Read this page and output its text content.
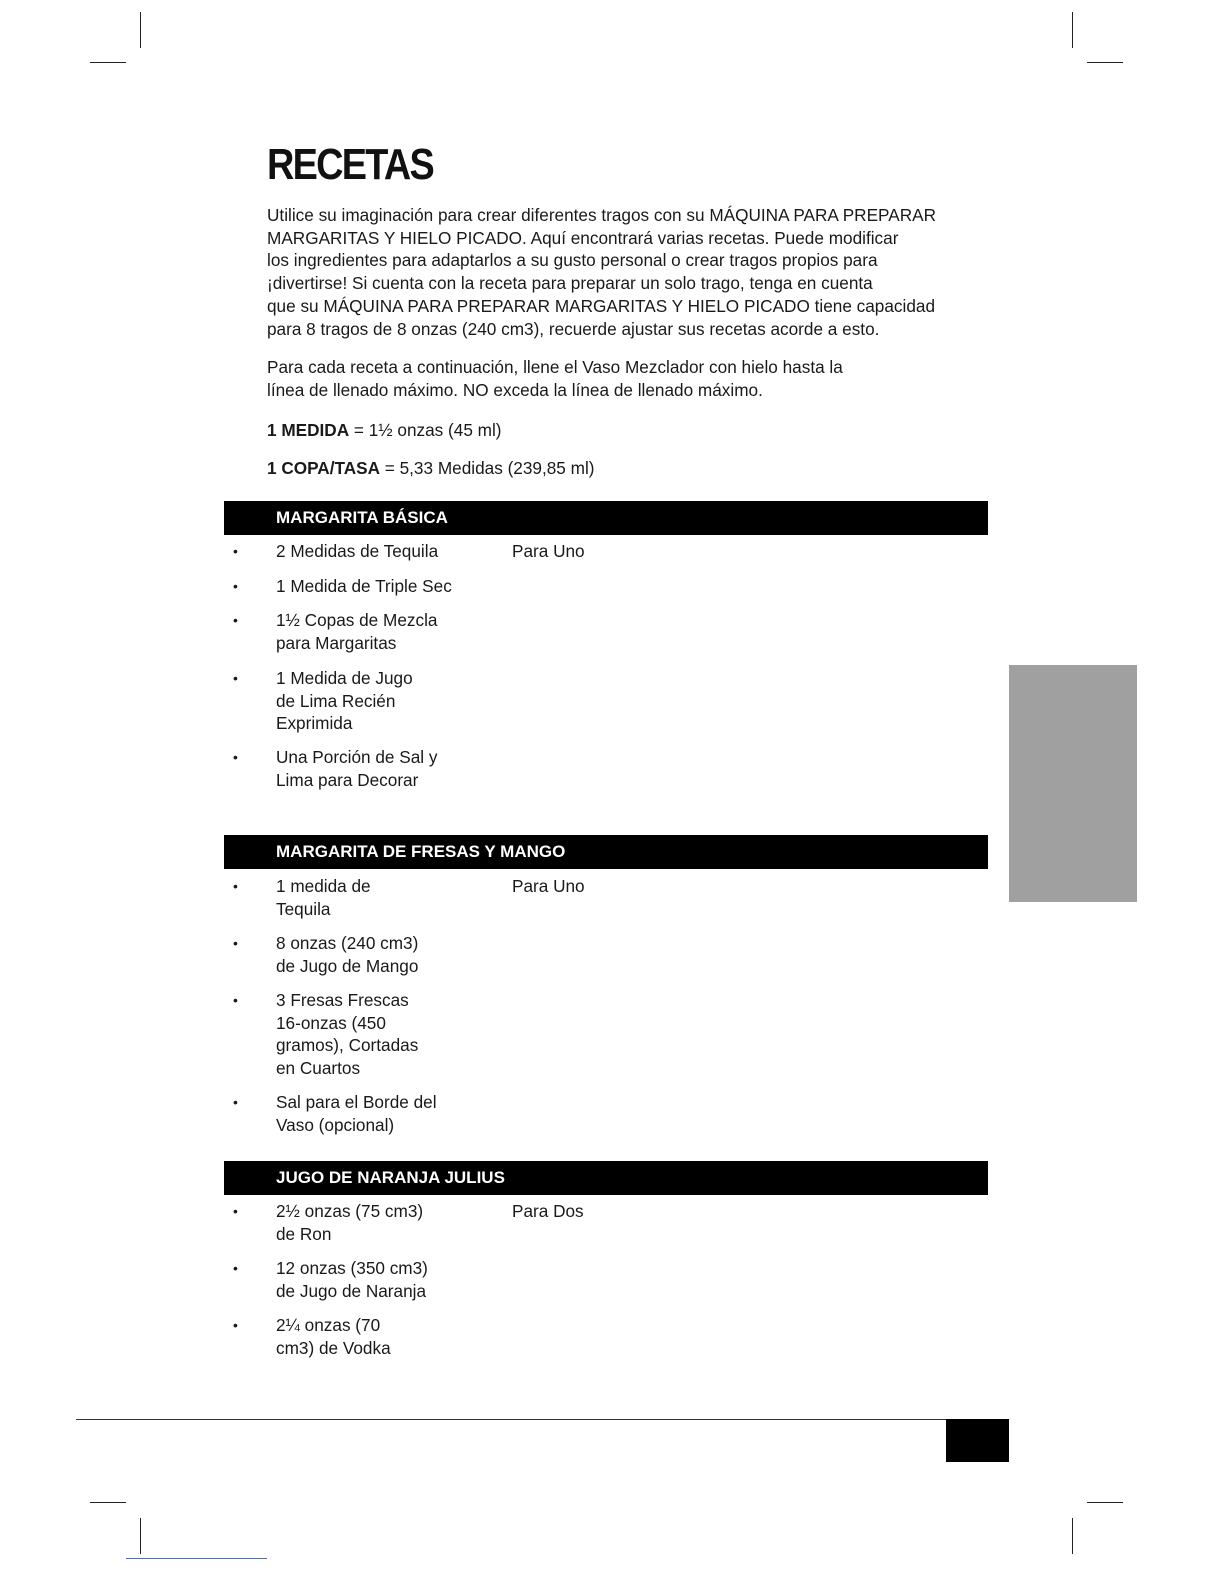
RECETAS
Utilice su imaginación para crear diferentes tragos con su MÁQUINA PARA PREPARAR
MARGARITAS Y HIELO PICADO. Aquí encontrará varias recetas. Puede modificar
los ingredientes para adaptarlos a su gusto personal o crear tragos propios para
¡divertirse! Si cuenta con la receta para preparar un solo trago, tenga en cuenta
que su MÁQUINA PARA PREPARAR MARGARITAS Y HIELO PICADO tiene capacidad
para 8 tragos de 8 onzas (240 cm3), recuerde ajustar sus recetas acorde a esto.
Para cada receta a continuación, llene el Vaso Mezclador con hielo hasta la
línea de llenado máximo. NO exceda la línea de llenado máximo.
1 MEDIDA = 1½ onzas (45 ml)
1 COPA/TASA = 5,33 Medidas (239,85 ml)
MARGARITA BÁSICA
Para Uno
• 2 Medidas de Tequila
• 1 Medida de Triple Sec
• 1½ Copas de Mezcla
para Margaritas
• 1 Medida de Jugo
de Lima Recién
Exprimida
• Una Porción de Sal y
Lima para Decorar
MARGARITA DE FRESAS Y MANGO
Para Uno
• 1 medida de
Tequila
• 8 onzas (240 cm3)
de Jugo de Mango
• 3 Fresas Frescas
16-onzas (450
gramos), Cortadas
en Cuartos
• Sal para el Borde del
Vaso (opcional)
JUGO DE NARANJA JULIUS
Para Dos
• 2½ onzas (75 cm3)
de Ron
• 12 onzas (350 cm3)
de Jugo de Naranja
• 2¼ onzas (70
cm3) de Vodka
